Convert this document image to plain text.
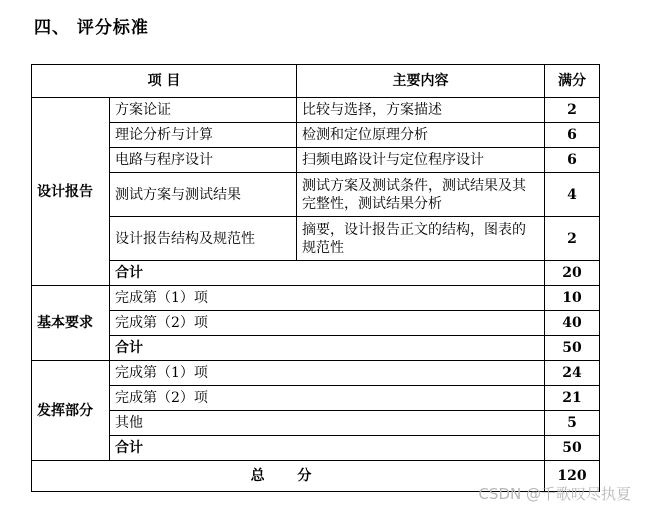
四、 评分标准
项 目		主要内容	满分
设计报告	方案论证	比较与选择，方案描述	2
	理论分析与计算	检测和定位原理分析	6
	电路与程序设计	扫频电路设计与定位程序设计	6
	测试方案与测试结果	测试方案及测试条件，测试结果及其完整性，测试结果分析	4
	设计报告结构及规范性	摘要，设计报告正文的结构，图表的规范性	2
	合计		20
基本要求	完成第（1）项		10
	完成第（2）项		40
	合计		50
发挥部分	完成第（1）项		24
	完成第（2）项		21
	其他		5
	合计		50
总 分			120
CSDN @千歌叹尽执夏
